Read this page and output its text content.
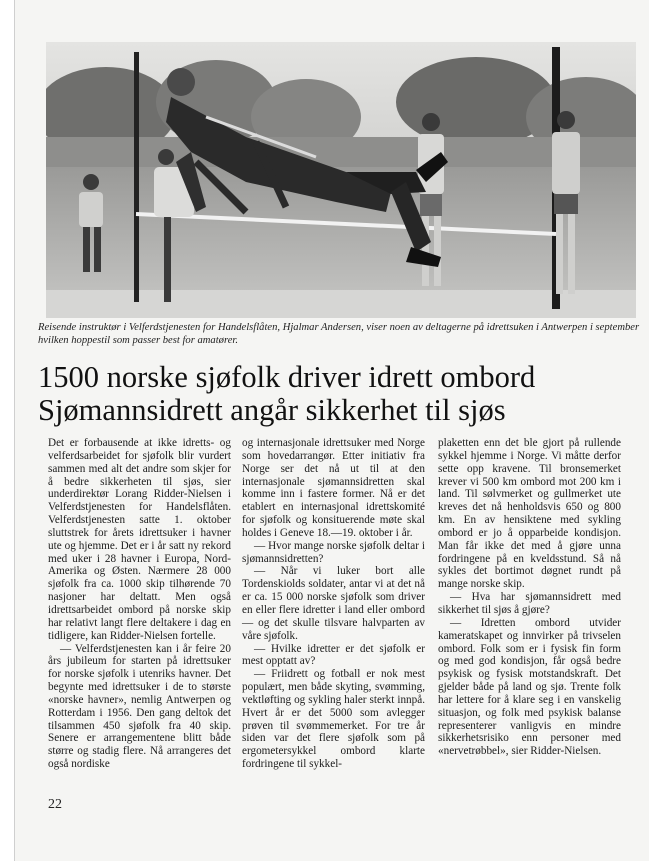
Reisende instruktør i Velferdstjenesten for Handelsflåten, Hjalmar Andersen, viser noen av deltagerne på idrettsuken i Antwerpen i september hvilken hoppestil som passer best for amatører.
1500 norske sjøfolk driver idrett ombord
Sjømannsidrett angår sikkerhet til sjøs

Det er forbausende at ikke idretts- og velferdsarbeidet for sjøfolk blir vurdert sammen med alt det andre som skjer for å bedre sikkerheten til sjøs, sier underdirektør Lorang Ridder-Nielsen i Velferdstjenesten for Handelsflåten. Velferdstjenesten satte 1. oktober sluttstrek for årets idrettsuker i havner ute og hjemme. Det er i år satt ny rekord med uker i 28 havner i Europa, Nord-Amerika og Østen. Nærmere 28 000 sjøfolk fra ca. 1000 skip tilhørende 70 nasjoner har deltatt. Men også idrettsarbeidet ombord på norske skip har relativt langt flere deltakere i dag en tidligere, kan Ridder-Nielsen fortelle.

— Velferdstjenesten kan i år feire 20 års jubileum for starten på idrettsuker for norske sjøfolk i utenriks havner. Det begynte med idrettsuker i de to største «norske havner», nemlig Antwerpen og Rotterdam i 1956. Den gang deltok det tilsammen 450 sjøfolk fra 40 skip. Senere er arrangementene blitt både større og stadig flere. Nå arrangeres det også nordiske

og internasjonale idrettsuker med Norge som hovedarrangør. Etter initiativ fra Norge ser det nå ut til at den internasjonale sjømannsidretten skal komme inn i fastere former. Nå er det etablert en internasjonal idrettskomité for sjøfolk og konsituerende møte skal holdes i Geneve 18.—19. oktober i år.

— Hvor mange norske sjøfolk deltar i sjømannsidretten?

— Når vi luker bort alle Tordenskiolds soldater, antar vi at det nå er ca. 15 000 norske sjøfolk som driver en eller flere idretter i land eller ombord — og det skulle tilsvare halvparten av våre sjøfolk.

— Hvilke idretter er det sjøfolk er mest opptatt av?

— Friidrett og fotball er nok mest populært, men både skyting, svømming, vektløfting og sykling haler sterkt innpå. Hvert år er det 5000 som avlegger prøven til svømmemerket. For tre år siden var det flere sjøfolk som på ergometersykkel ombord klarte fordringene til sykkel-

plaketten enn det ble gjort på rullende sykkel hjemme i Norge. Vi måtte derfor sette opp kravene. Til bronsemerket krever vi 500 km ombord mot 200 km i land. Til sølvmerket og gullmerket ute kreves det nå henholdsvis 650 og 800 km. En av hensiktene med sykling ombord er jo å opparbeide kondisjon. Man får ikke det med å gjøre unna fordringene på en kveldsstund. Så nå sykles det bortimot døgnet rundt på mange norske skip.

— Hva har sjømannsidrett med sikkerhet til sjøs å gjøre?

— Idretten ombord utvider kameratskapet og innvirker på trivselen ombord. Folk som er i fysisk fin form og med god kondisjon, får også bedre psykisk og fysisk motstandskraft. Det gjelder både på land og sjø. Trente folk har lettere for å klare seg i en vanskelig situasjon, og folk med psykisk balanse representerer vanligvis en mindre sikkerhetsrisiko enn personer med «nervetrøbbel», sier Ridder-Nielsen.

22
